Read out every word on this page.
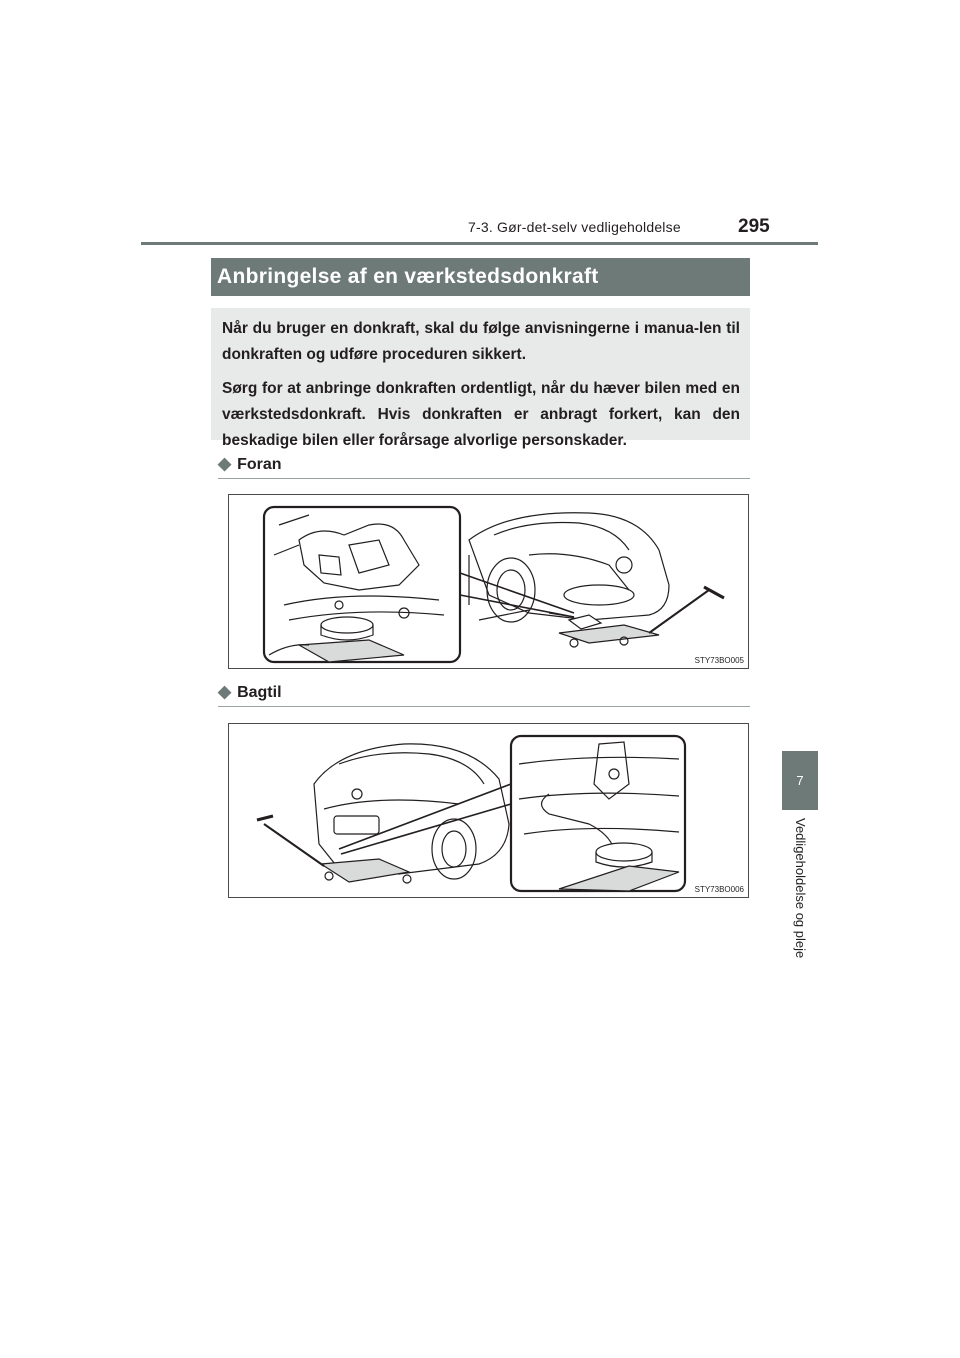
7-3. Gør-det-selv vedligeholdelse	295
Anbringelse af en værkstedsdonkraft

Når du bruger en donkraft, skal du følge anvisningerne i manua-len til donkraften og udføre proceduren sikkert.

Sørg for at anbringe donkraften ordentligt, når du hæver bilen med en værkstedsdonkraft. Hvis donkraften er anbragt forkert, kan den beskadige bilen eller forårsage alvorlige personskader.

◆ Foran
STY73BO005
◆ Bagtil
STY73BO006
7
Vedligeholdelse og pleje
